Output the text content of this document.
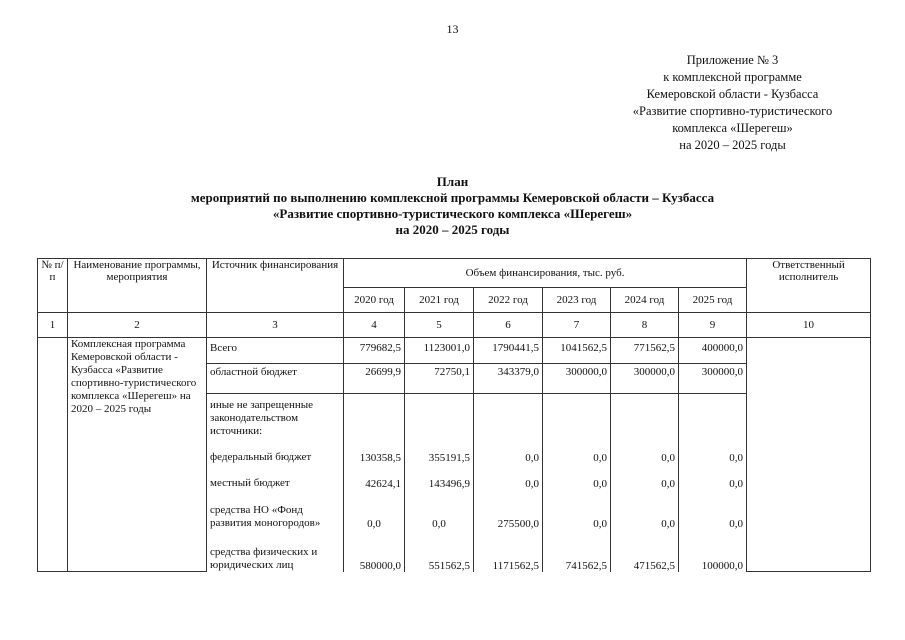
13
Приложение № 3
к комплексной программе
Кемеровской области - Кузбасса
«Развитие спортивно-туристического
комплекса «Шерегеш»
на 2020 – 2025 годы
План
мероприятий по выполнению комплексной программы Кемеровской области – Кузбасса
«Развитие спортивно-туристического комплекса «Шерегеш»
на 2020 – 2025 годы
№ п/п	Наименование программы, мероприятия	Источник финансирования	Объем финансирования, тыс. руб.						Ответственный исполнитель
			2020 год	2021 год	2022 год	2023 год	2024 год	2025 год	
1	2	3	4	5	6	7	8	9	10
	Комплексная программа Кемеровской области - Кузбасса «Развитие спортивно-туристического комплекса «Шерегеш» на 2020 – 2025 годы	Всего	779682,5	1123001,0	1790441,5	1041562,5	771562,5	400000,0	
		областной бюджет	26699,9	72750,1	343379,0	300000,0	300000,0	300000,0	
		иные не запрещенные законодательством источники:							
		федеральный бюджет	130358,5	355191,5	0,0	0,0	0,0	0,0	
		местный бюджет	42624,1	143496,9	0,0	0,0	0,0	0,0	
		средства НО «Фонд развития моногородов»	0,0	0,0	275500,0	0,0	0,0	0,0	
		средства физических и юридических лиц	580000,0	551562,5	1171562,5	741562,5	471562,5	100000,0	
